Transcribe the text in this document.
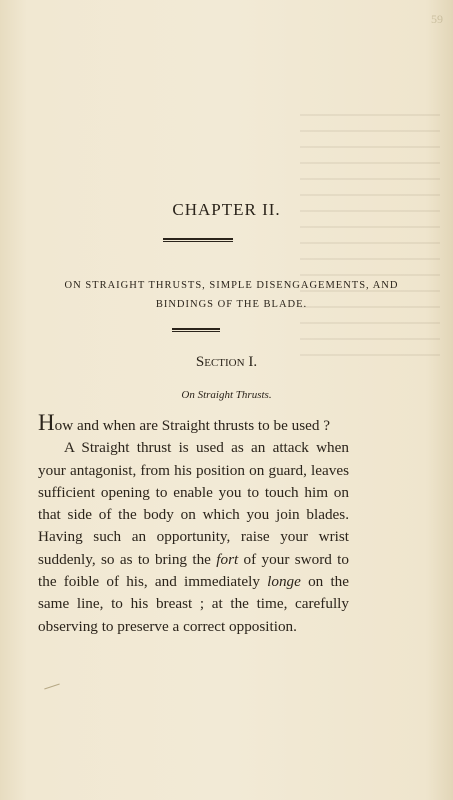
59
CHAPTER II.
ON STRAIGHT THRUSTS, SIMPLE DISENGAGEMENTS, AND BINDINGS OF THE BLADE.
Section I.
On Straight Thrusts.

How and when are Straight thrusts to be used ?

A Straight thrust is used as an attack when your antagonist, from his position on guard, leaves sufficient opening to enable you to touch him on that side of the body on which you join blades. Having such an opportunity, raise your wrist suddenly, so as to bring the fort of your sword to the foible of his, and immediately longe on the same line, to his breast ; at the time, carefully observing to preserve a correct opposition.
